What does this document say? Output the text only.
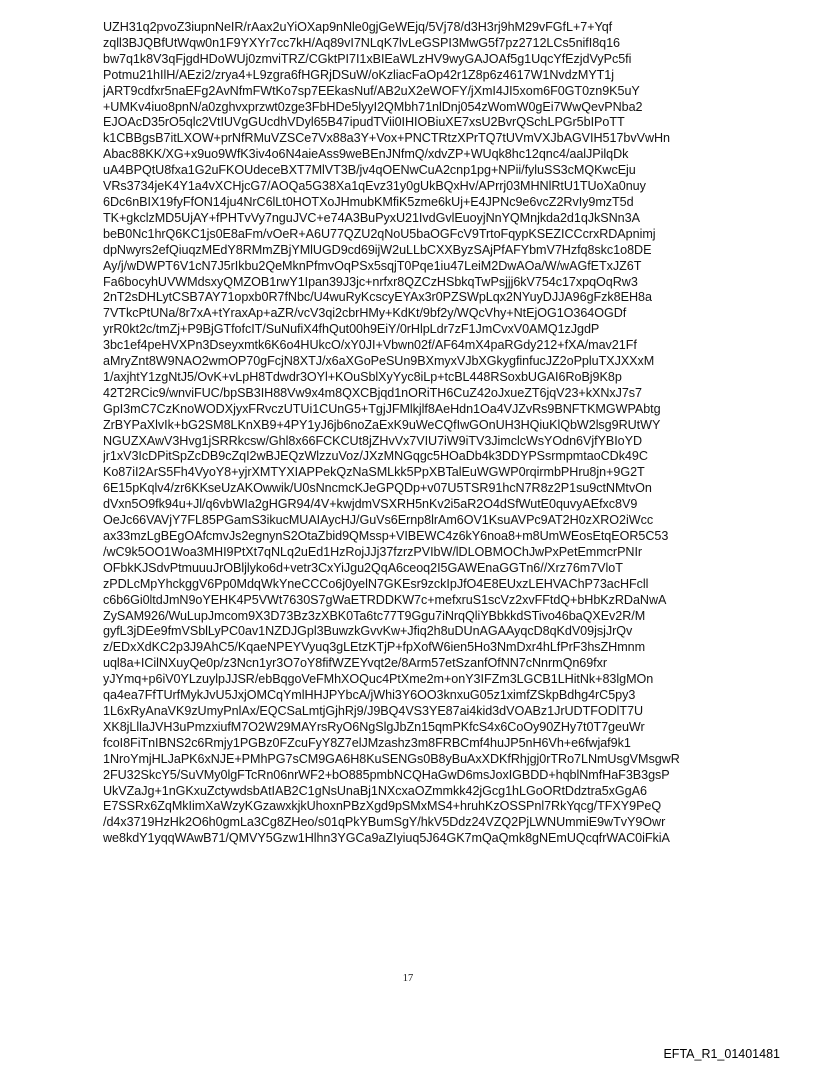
UZH31q2pvoZ3iupnNeIR/rAax2uYiOXap9nNle0gjGeWEjq/5Vj78/d3H3rj9hM29vFGfL+7+Yqf
zqll3BJQBfUtWqw0n1F9YXYr7cc7kH/Aq89vI7NLqK7lvLeGSPI3MwG5f7pz2712LCs5nifI8q16
bw7q1k8V3qFjgdHDoWUj0zmviTRZ/CGktPI7I1xBIEaWLzHV9wyGAJOAf5g1UqcYfEzjdVyPc5fi
Potmu21hIlH/AEzi2/zrya4+L9zgra6fHGRjDSuW/oKzliacFaOp42r1Z8p6z4617W1NvdzMYT1j
jART9cdfxr5naEFg2AvNfmFWtKo7sp7EEkasNuf/AB2uX2eWOFY/jXmI4JI5xom6F0GT0zn9K5uY
+UMKv4iuo8pnN/a0zghvxprzwt0zge3FbHDe5lyyI2QMbh71nlDnj054zWomW0gEi7WwQevPNba2
EJOAcD35rO5qlc2VtIUVgGUcdhVDyl65B47ipudTVii0IHIOBiuXE7xsU2BvrQSchLPGr5bIPoTT
k1CBBgsB7itLXOW+prNfRMuVZSCe7Vx88a3Y+Vox+PNCTRtzXPrTQ7tUVmVXJbAGVIH517bvVwHn
Abac88KK/XG+x9uo9WfK3iv4o6N4aieAss9weBEnJNfmQ/xdvZP+WUqk8hc12qnc4/aalJPilqDk
uA4BPQtU8fxa1G2uFKOUdeceBXT7MlVT3B/jv4qOENwCuA2cnp1pg+NPii/fyluSS3cMQKwcEju
VRs3734jeK4Y1a4vXCHjcG7/AOQa5G38Xa1qEvz31y0gUkBQxHv/APrrj03MHNlRtU1TUoXa0nuy
6Dc6nBIX19fyFfON14ju4NrC6lLt0HOTXoJHmubKMfiK5zme6kUj+E4JPNc9e6vcZ2RvIy9mzT5d
TK+gkclzMD5UjAY+fPHTvVy7nguJVC+e74A3BuPyxU21IvdGvlEuoyjNnYQMnjkda2d1qJkSNn3A
beB0Nc1hrQ6KC1js0E8aFm/vOeR+A6U77QZU2qNoU5baOGFcV9TrtoFqypKSEZICCcrxRDApnimj
dpNwyrs2efQiuqzMEdY8RMmZBjYMlUGD9cd69ijW2uLLbCXXByzSAjPfAFYbmV7Hzfq8skc1o8DE
Ay/j/wDWPT6V1cN7J5rIkbu2QeMknPfmvOqPSx5sqjT0Pqe1iu47LeiM2DwAOa/W/wAGfETxJZ6T
Fa6bocyhUVWMdsxyQMZOB1rwY1Ipan39J3jc+nrfxr8QZCzHSbkqTwPsjjj6kV754c17xpqOqRw3
2nT2sDHLytCSB7AY71opxb0R7fNbc/U4wuRyKcscyEYAx3r0PZSWpLqx2NYuyDJJA96gFzk8EH8a
7VTkcPtUNa/8r7xA+tYraxAp+aZR/vcV3qi2cbrHMy+KdKt/9bf2y/WQcVhy+NtEjOG1O364OGDf
yrR0kt2c/tmZj+P9BjGTfofcIT/SuNufiX4fhQut00h9EiY/0rHlpLdr7zF1JmCvxV0AMQ1zJgdP
3bc1ef4peHVXPn3Dseyxmtk6K6o4HUkcO/xY0JI+Vbwn02f/AF64mX4paRGdy212+fXA/mav21Ff
aMryZnt8W9NAO2wmOP70gFcjN8XTJ/x6aXGoPeSUn9BXmyxVJbXGkygfinfucJZ2oPpluTXJXXxM
1/axjhtY1zgNtJ5/OvK+vLpH8Tdwdr3OYl+KOuSblXyYyc8iLp+tcBL448RSoxbUGAI6RoBj9K8p
42T2RCic9/wnviFUC/bpSB3IH88Vw9x4m8QXCBjqd1nORiTH6CuZ42oJxueZT6jqV23+kXNxJ7s7
GpI3mC7CzKnoWODXjyxFRvczUTUi1CUnG5+TgjJFMlkjlf8AeHdn1Oa4VJZvRs9BNFTKMGWPAbtg
ZrBYPaXlvIk+bG2SM8LKnXB9+4PY1yJ6jb6noZaExK9uWeCQfIwGOnUH3HQiuKlQbW2lsg9RUtWY
NGUZXAwV3Hvg1jSRRkcsw/Ghl8x66FCKCUt8jZHvVx7VIU7iW9iTV3JimclcWsYOdn6VjfYBIoYD
jr1xV3IcDPitSpZcDB9cZqI2wBJEQzWlzzuVoz/JXzMNGqgc5HOaDb4k3DDYPSsrmpmtaoCDk49C
Ko87iI2ArS5Fh4VyoY8+yjrXMTYXIAPPekQzNaSMLkk5PpXBTalEuWGWP0rqirmbPHru8jn+9G2T
6E15pKqlv4/zr6KKseUzAKOwwik/U0sNncmcKJeGPQDp+v07U5TSR91hcN7R8z2P1su9ctNMtvOn
dVxn5O9fk94u+Jl/q6vbWIa2gHGR94/4V+kwjdmVSXRH5nKv2i5aR2O4dSfWutE0quvyAEfxc8V9
OeJc66VAVjY7FL85PGamS3ikucMUAIAycHJ/GuVs6Ernp8lrAm6OV1KsuAVPc9AT2H0zXRO2iWcc
ax33mzLgBEgOAfcmvJs2egnynS2OtaZbid9QMssp+VIBEWC4z6kY6noa8+m8UmWEosEtqEOR5C53
/wC9k5OO1Woa3MHI9PtXt7qNLq2uEd1HzRojJJj37fzrzPVIbW/lDLOBMOChJwPxPetEmmcrPNIr
OFbkKJSdvPtmuuuJrOBljlyko6d+vetr3CxYiJgu2QqA6ceoq2I5GAWEnaGGTn6//Xrz76m7VloT
zPDLcMpYhckggV6Pp0MdqWkYneCCCo6j0yelN7GKEsr9zckIpJfO4E8EUxzLEHVAChP73acHFcll
c6b6Gi0ltdJmN9oYEHK4P5VWt7630S7gWaETRDDKW7c+mefxruS1scVz2xvFFtdQ+bHbKzRDaNwA
ZySAM926/WuLupJmcom9X3D73Bz3zXBK0Ta6tc77T9Ggu7iNrqQliYBbkkdSTivo46baQXEv2R/M
gyfL3jDEe9fmVSblLyPC0av1NZDJGpl3BuwzkGvvKw+Jfiq2h8uDUnAGAAyqcD8qKdV09jsjJrQv
z/EDxXdKC2p3J9AhC5/KqaeNPEYVyuq3gLEtzKTjP+fpXofW6ien5Ho3NmDxr4hLfPrF3hsZHmnm
uql8a+ICilNXuyQe0p/z3Ncn1yr3O7oY8fifWZEYvqt2e/8Arm57etSzanfOfNN7cNnrmQn69fxr
yJYmq+p6iV0YLzuylpJJSR/ebBqgoVeFMhXOQuc4PtXme2m+onY3IFZm3LGCB1LHitNk+83lgMOn
qa4ea7FfTUrfMykJvU5JxjOMCqYmlHHJPYbcA/jWhi3Y6OO3knxuG05z1ximfZSkpBdhg4rC5py3
1L6xRyAnaVK9zUmyPnlAx/EQCSaLmtjGjhRj9/J9BQ4VS3YE87ai4kid3dVOABz1JrUDTFODlT7U
XK8jLllaJVH3uPmzxiufM7O2W29MAYrsRyO6NgSlgJbZn15qmPKfcS4x6CoOy90ZHy7t0T7geuWr
fcoI8FiTnIBNS2c6Rmjy1PGBz0FZcuFyY8Z7elJMzashz3m8FRBCmf4huJP5nH6Vh+e6fwjaf9k1
1NroYmjHLJaPK6xNJE+PMhPG7sCM9GA6H8KuSENGs0B8yBuAxXDKfRhjgj0rTRo7LNmUsgVMsgwR
2FU32SkcY5/SuVMy0lgFTcRn06nrWF2+bO885pmbNCQHaGwD6msJoxIGBDD+hqblNmfHaF3B3gsP
UkVZaJg+1nGKxuZctywdsbAtIAB2C1gNsUnaBj1NXcxaOZmmkk42jGcg1hLGoORtDdztra5xGgA6
E7SSRx6ZqMkIimXaWzyKGzawxkjkUhoxnPBzXgd9pSMxMS4+hruhKzOSSPnl7RkYqcg/TFXY9PeQ
/d4x3719HzHk2O6h0gmLa3Cg8ZHeo/s01qPkYBumSgY/hkV5Ddz24VZQ2PjLWNUmmiE9wTvY9Owr
we8kdY1yqqWAwB71/QMVY5Gzw1Hlhn3YGCa9aZIyiuq5J64GK7mQaQmk8gNEmUQcqfrWAC0iFkiA
17
EFTA_R1_01401481
